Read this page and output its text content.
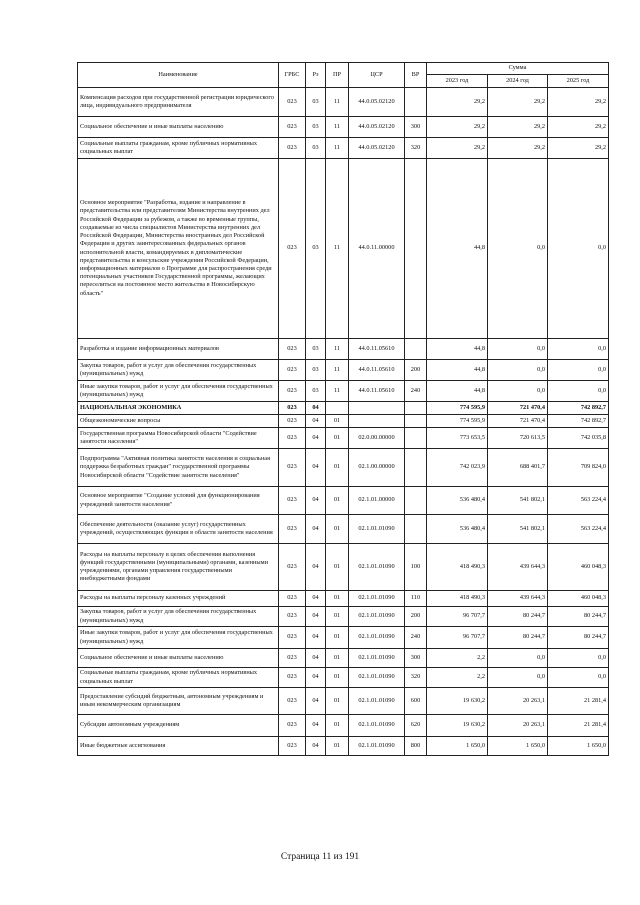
Наименование	ГРБС	Рз	ПР	ЦСР	ВР	Сумма		
						2023 год	2024 год	2025 год
Компенсация расходов при государственной регистрации юридического лица, индивидуального предпринимателя	023	03	11	44.0.05.02120		29,2	29,2	29,2
Социальное обеспечение и иные выплаты населению	023	03	11	44.0.05.02120	300	29,2	29,2	29,2
Социальные выплаты гражданам, кроме публичных нормативных социальных выплат	023	03	11	44.0.05.02120	320	29,2	29,2	29,2
Основное мероприятие "Разработка, издание и направление в представительства или представителям Министерства внутренних дел Российской Федерации за рубежом, а также во временные группы, создаваемые из числа специалистов Министерства внутренних дел Российской Федерации, Министерства иностранных дел Российской Федерации и других заинтересованных федеральных органов исполнительной власти, командируемых в дипломатические представительства и консульские учреждения Российской Федерации, информационных материалов о Программе для распространения среди потенциальных участников Государственной программы, желающих переселиться на постоянное место жительства в Новосибирскую область"	023	03	11	44.0.11.00000		44,8	0,0	0,0
Разработка и издание информационных материалов	023	03	11	44.0.11.05610		44,8	0,0	0,0
Закупка товаров, работ и услуг для обеспечения государственных (муниципальных) нужд	023	03	11	44.0.11.05610	200	44,8	0,0	0,0
Иные закупки товаров, работ и услуг для обеспечения государственных (муниципальных) нужд	023	03	11	44.0.11.05610	240	44,8	0,0	0,0
НАЦИОНАЛЬНАЯ ЭКОНОМИКА	023	04				774 595,9	721 470,4	742 892,7
Общеэкономические вопросы	023	04	01			774 595,9	721 470,4	742 892,7
Государственная программа Новосибирской области "Содействие занятости населения"	023	04	01	02.0.00.00000		773 653,5	720 613,5	742 035,8
Подпрограмма "Активная политика занятости населения и социальная поддержка безработных граждан" государственной программы Новосибирской области "Содействие занятости населения"	023	04	01	02.1.00.00000		742 023,9	688 401,7	709 824,0
Основное мероприятие "Создание условий для функционирования учреждений занятости населения"	023	04	01	02.1.01.00000		536 480,4	541 802,1	563 224,4
Обеспечение деятельности (оказание услуг) государственных учреждений, осуществляющих функции в области занятости населения	023	04	01	02.1.01.01090		536 480,4	541 802,1	563 224,4
Расходы на выплаты персоналу в целях обеспечения выполнения функций государственными (муниципальными) органами, казенными учреждениями, органами управления государственными внебюджетными фондами	023	04	01	02.1.01.01090	100	418 490,3	439 644,3	460 048,3
Расходы на выплаты персоналу казенных учреждений	023	04	01	02.1.01.01090	110	418 490,3	439 644,3	460 048,3
Закупка товаров, работ и услуг для обеспечения государственных (муниципальных) нужд	023	04	01	02.1.01.01090	200	96 707,7	80 244,7	80 244,7
Иные закупки товаров, работ и услуг для обеспечения государственных (муниципальных) нужд	023	04	01	02.1.01.01090	240	96 707,7	80 244,7	80 244,7
Социальное обеспечение и иные выплаты населению	023	04	01	02.1.01.01090	300	2,2	0,0	0,0
Социальные выплаты гражданам, кроме публичных нормативных социальных выплат	023	04	01	02.1.01.01090	320	2,2	0,0	0,0
Предоставление субсидий бюджетным, автономным учреждениям и иным некоммерческим организациям	023	04	01	02.1.01.01090	600	19 630,2	20 263,1	21 281,4
Субсидии автономным учреждениям	023	04	01	02.1.01.01090	620	19 630,2	20 263,1	21 281,4
Иные бюджетные ассигнования	023	04	01	02.1.01.01090	800	1 650,0	1 650,0	1 650,0
Страница 11 из 191
